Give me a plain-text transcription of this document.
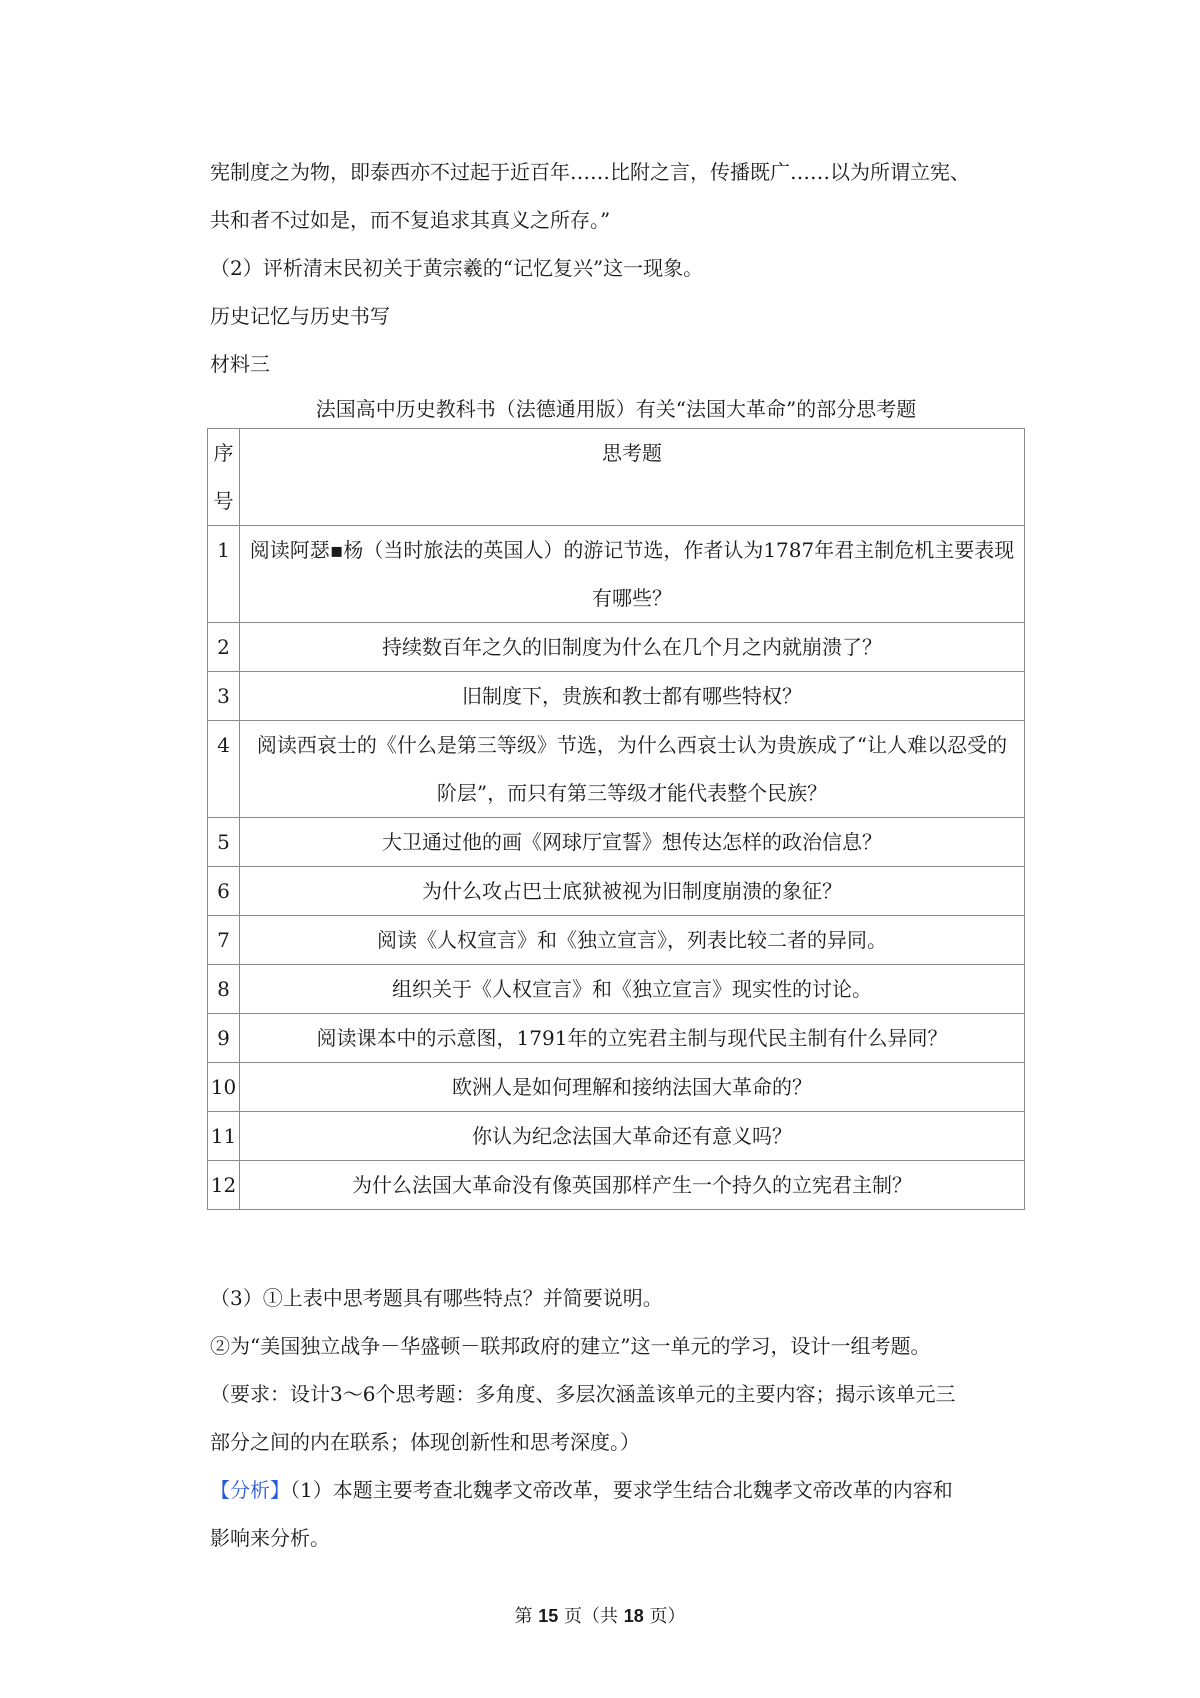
宪制度之为物，即泰西亦不过起于近百年……比附之言，传播既广……以为所谓立宪、
共和者不过如是，而不复追求其真义之所存。”
（2）评析清末民初关于黄宗羲的“记忆复兴”这一现象。
历史记忆与历史书写
材料三
法国高中历史教科书（法德通用版）有关“法国大革命”的部分思考题
序
号	思考题
1	阅读阿瑟▪杨（当时旅法的英国人）的游记节选，作者认为1787年君主制危机主要表现有哪些？
2	持续数百年之久的旧制度为什么在几个月之内就崩溃了？
3	旧制度下，贵族和教士都有哪些特权？
4	阅读西哀士的《什么是第三等级》节选，为什么西哀士认为贵族成了“让人难以忍受的阶层”，而只有第三等级才能代表整个民族？
5	大卫通过他的画《网球厅宣誓》想传达怎样的政治信息？
6	为什么攻占巴士底狱被视为旧制度崩溃的象征？
7	阅读《人权宣言》和《独立宣言》，列表比较二者的异同。
8	组织关于《人权宣言》和《独立宣言》现实性的讨论。
9	阅读课本中的示意图，1791年的立宪君主制与现代民主制有什么异同？
10	欧洲人是如何理解和接纳法国大革命的？
11	你认为纪念法国大革命还有意义吗？
12	为什么法国大革命没有像英国那样产生一个持久的立宪君主制？
（3）①上表中思考题具有哪些特点？并简要说明。
②为“美国独立战争－华盛顿－联邦政府的建立”这一单元的学习，设计一组考题。
（要求：设计3～6个思考题：多角度、多层次涵盖该单元的主要内容；揭示该单元三
部分之间的内在联系；体现创新性和思考深度。）
【分析】（1）本题主要考查北魏孝文帝改革，要求学生结合北魏孝文帝改革的内容和
影响来分析。
第 15 页（共 18 页）
